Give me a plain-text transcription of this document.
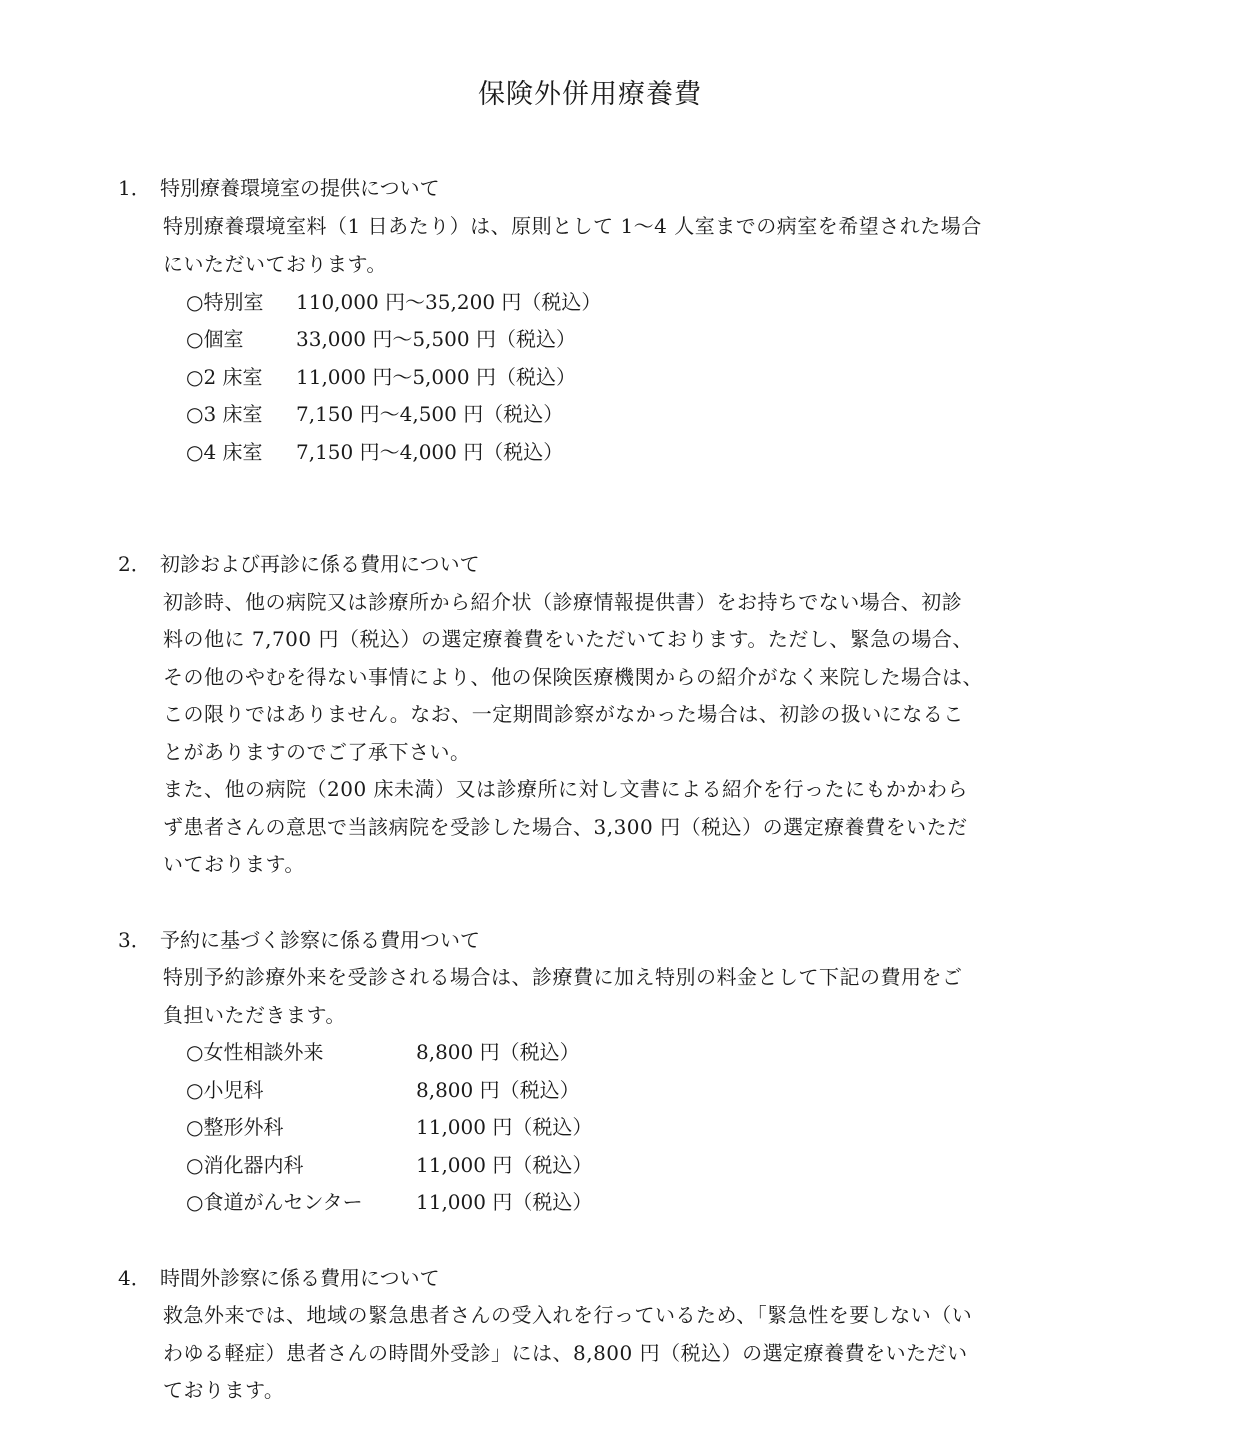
保険外併用療養費
1． 特別療養環境室の提供について
特別療養環境室料（1 日あたり）は、原則として 1～4 人室までの病室を希望された場合
にいただいております。
○特別室 110,000 円～35,200 円（税込）
○個室	33,000 円～5,500 円（税込）
○2 床室 11,000 円～5,000 円（税込）
○3 床室 7,150 円～4,500 円（税込）
○4 床室 7,150 円～4,000 円（税込）
2． 初診および再診に係る費用について
初診時、他の病院又は診療所から紹介状（診療情報提供書）をお持ちでない場合、初診
料の他に 7,700 円（税込）の選定療養費をいただいております。ただし、緊急の場合、
その他のやむを得ない事情により、他の保険医療機関からの紹介がなく来院した場合は、
この限りではありません。なお、一定期間診察がなかった場合は、初診の扱いになるこ
とがありますのでご了承下さい。
また、他の病院（200 床未満）又は診療所に対し文書による紹介を行ったにもかかわら
ず患者さんの意思で当該病院を受診した場合、3,300 円（税込）の選定療養費をいただ
いております。
3． 予約に基づく診察に係る費用ついて
特別予約診療外来を受診される場合は、診療費に加え特別の料金として下記の費用をご
負担いただきます。
○女性相談外来	8,800 円（税込）
○小児科	8,800 円（税込）
○整形外科	11,000 円（税込）
○消化器内科	11,000 円（税込）
○食道がんセンター	11,000 円（税込）
4． 時間外診察に係る費用について
救急外来では、地域の緊急患者さんの受入れを行っているため、「緊急性を要しない（い
わゆる軽症）患者さんの時間外受診」には、8,800 円（税込）の選定療養費をいただい
ております。
